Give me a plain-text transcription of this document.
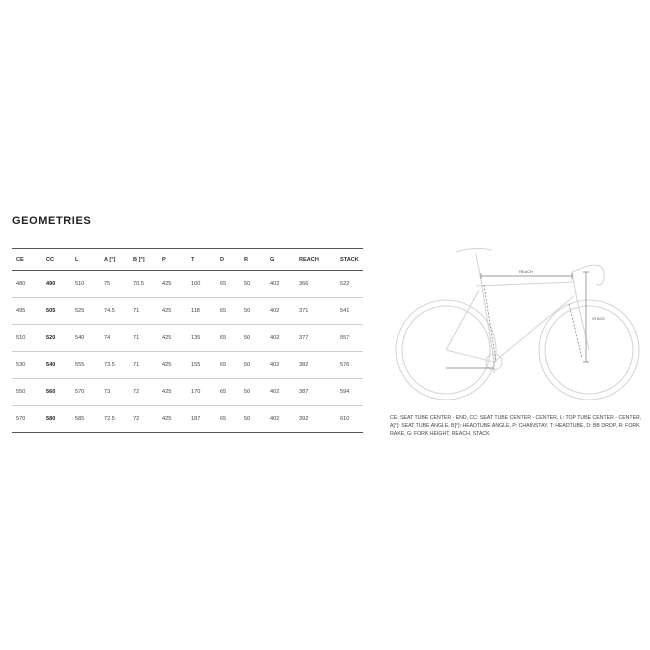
GEOMETRIES
CE	CC	L	A [°]	B [°]	P	T	D	R	G	REACH	STACK
480	490	510	75	70.5	425	100	65	50	402	366	522
495	505	525	74.5	71	425	118	65	50	402	371	541
510	520	540	74	71	425	135	65	50	402	377	557
530	540	555	73.5	71	425	155	65	50	402	382	576
550	560	570	73	72	425	170	65	50	402	387	594
570	580	585	72.5	72	425	187	65	50	402	392	610
REACH
STACK
CE: SEAT TUBE CENTER - END, CC: SEAT TUBE CENTER - CENTER, L: TOP TUBE CENTER - CENTER, A[°]: SEAT TUBE ANGLE, B[°]: HEADTUBE ANGLE, P: CHAINSTAY, T: HEADTUBE, D: BB DROP, R: FORK RAKE, G: FORK HEIGHT, REACH, STACK
